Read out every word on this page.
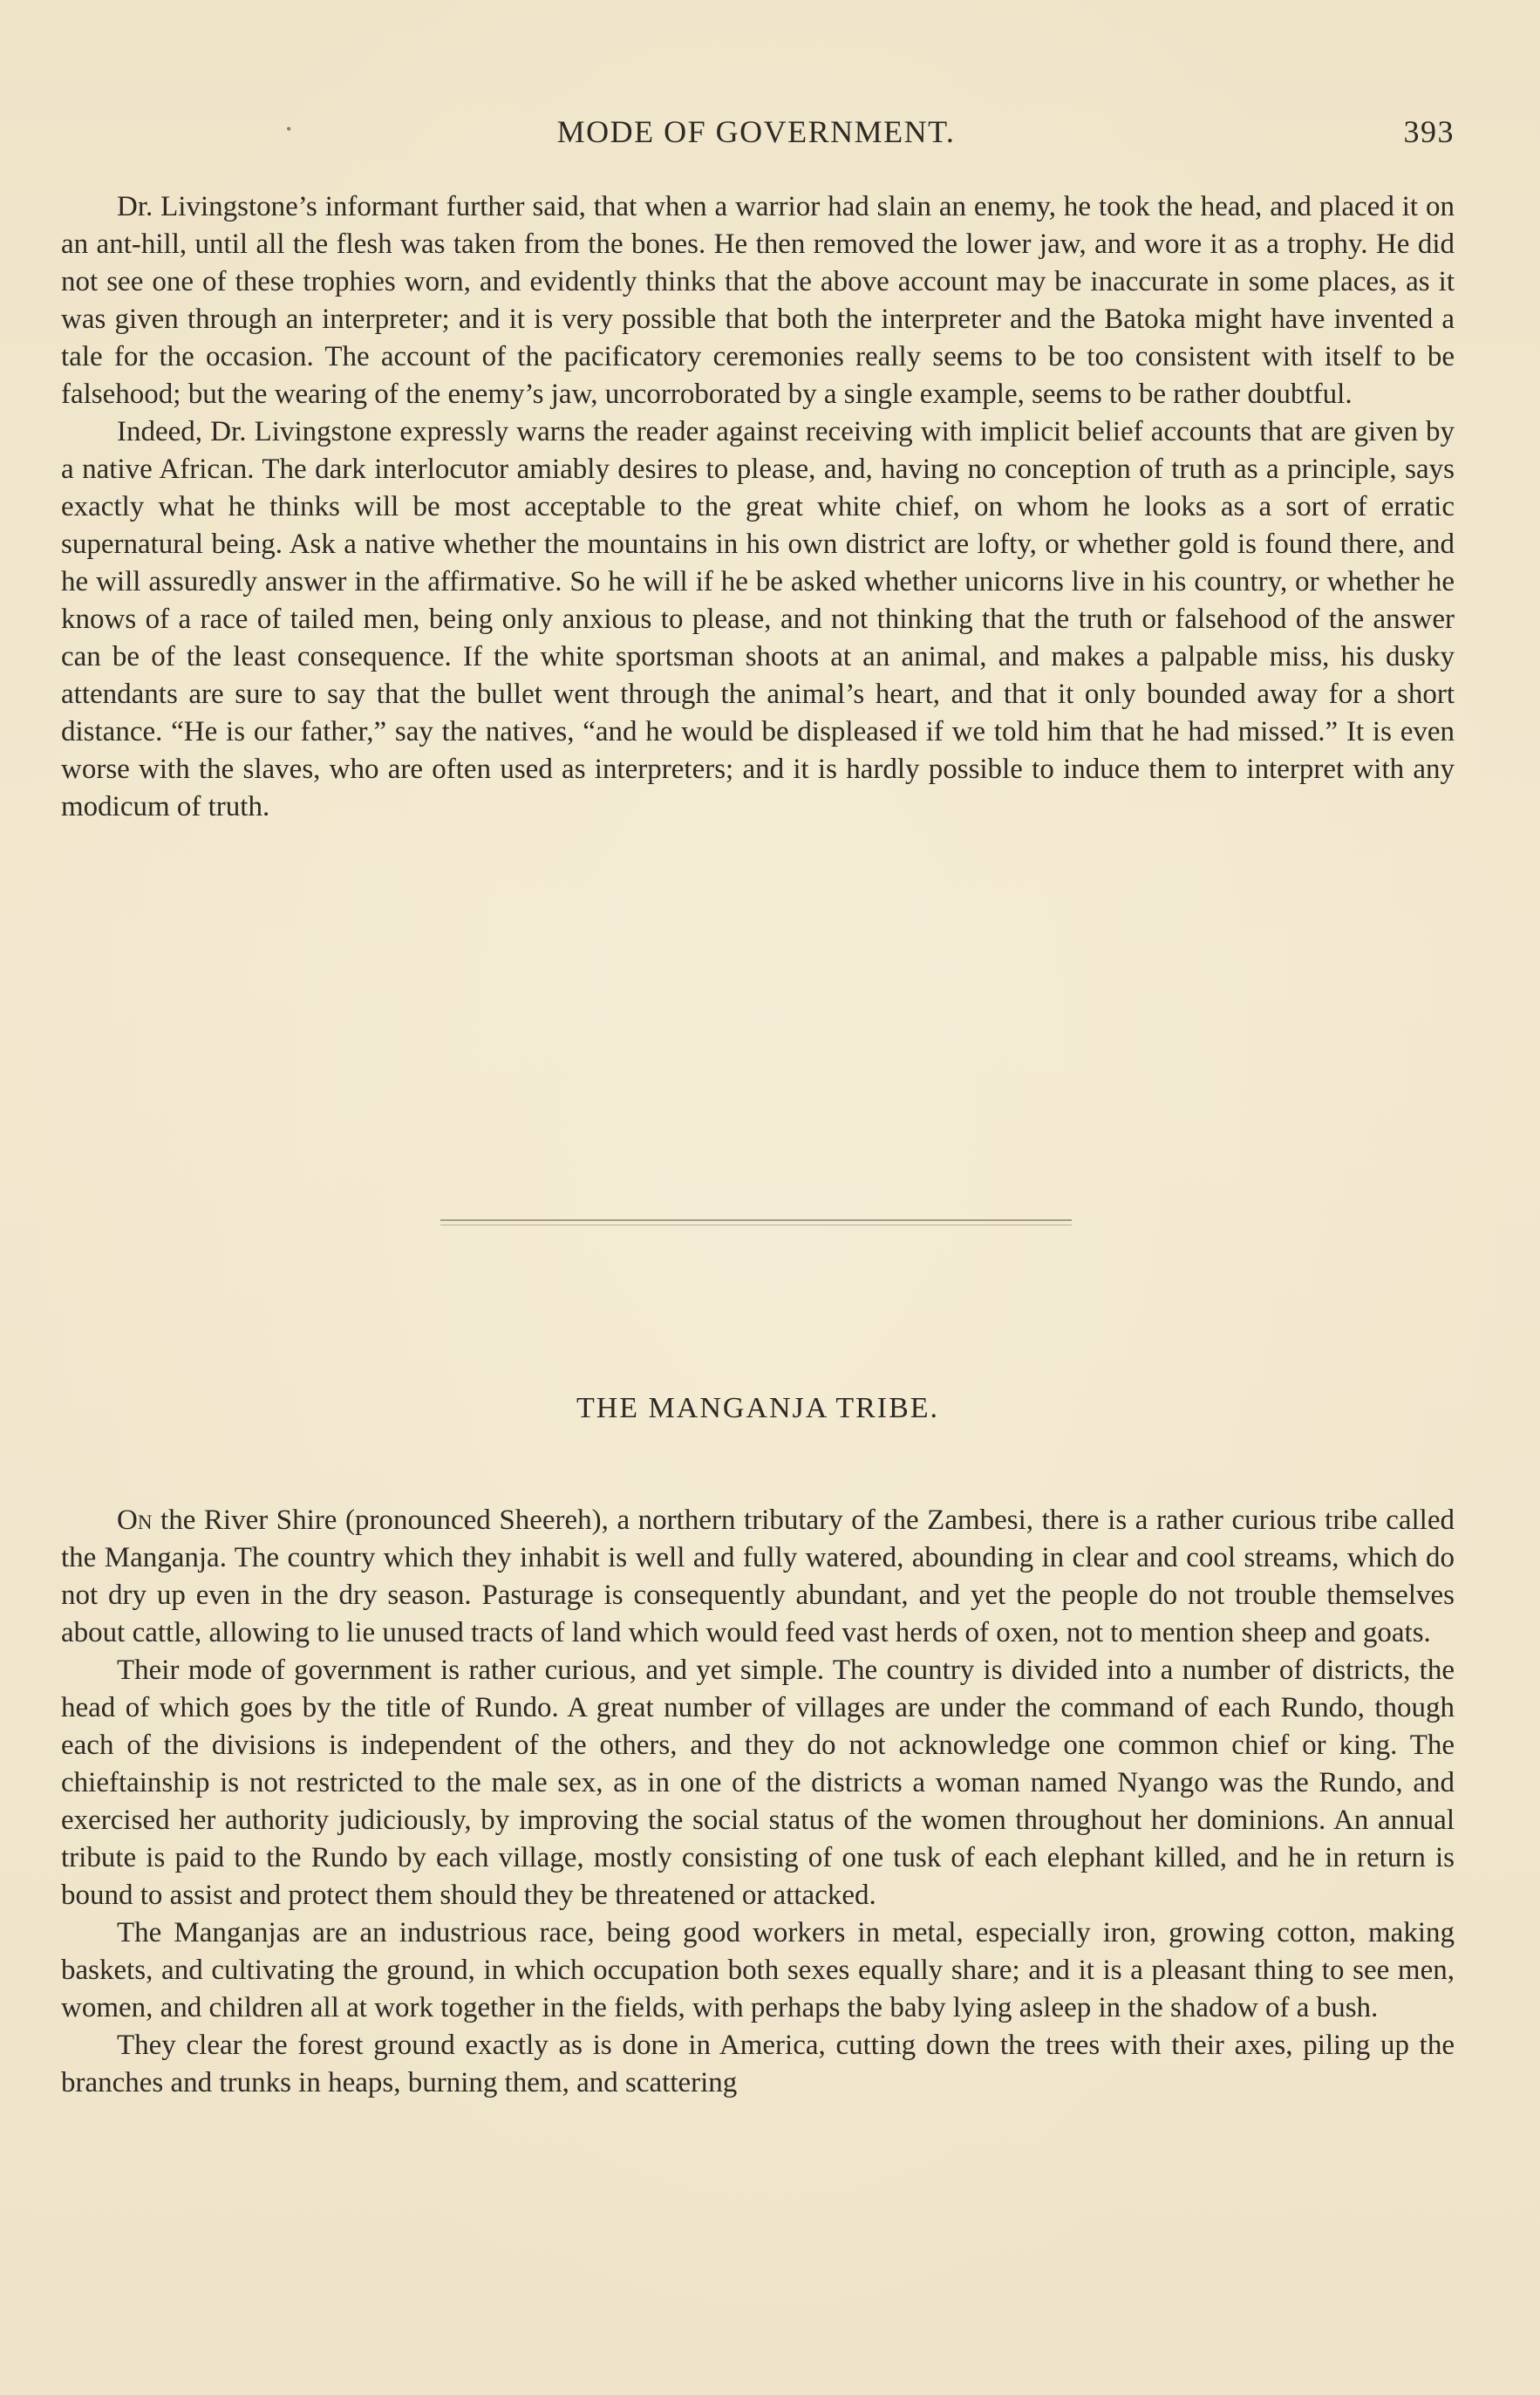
•	MODE OF GOVERNMENT.	393

Dr. Livingstone’s informant further said, that when a warrior had slain an enemy, he took the head, and placed it on an ant-hill, until all the flesh was taken from the bones. He then removed the lower jaw, and wore it as a trophy. He did not see one of these trophies worn, and evidently thinks that the above account may be inaccurate in some places, as it was given through an interpreter; and it is very possible that both the interpreter and the Batoka might have invented a tale for the occasion. The account of the pacificatory ceremonies really seems to be too consistent with itself to be falsehood; but the wearing of the enemy’s jaw, uncorroborated by a single example, seems to be rather doubtful.

Indeed, Dr. Livingstone expressly warns the reader against receiving with implicit belief accounts that are given by a native African. The dark interlocutor amiably desires to please, and, having no conception of truth as a principle, says exactly what he thinks will be most acceptable to the great white chief, on whom he looks as a sort of erratic supernatural being. Ask a native whether the mountains in his own district are lofty, or whether gold is found there, and he will assuredly answer in the affirmative. So he will if he be asked whether unicorns live in his country, or whether he knows of a race of tailed men, being only anxious to please, and not thinking that the truth or falsehood of the answer can be of the least consequence. If the white sportsman shoots at an animal, and makes a palpable miss, his dusky attendants are sure to say that the bullet went through the animal’s heart, and that it only bounded away for a short distance. “He is our father,” say the natives, “and he would be displeased if we told him that he had missed.” It is even worse with the slaves, who are often used as interpreters; and it is hardly possible to induce them to interpret with any modicum of truth.

THE MANGANJA TRIBE.

On the River Shire (pronounced Sheereh), a northern tributary of the Zambesi, there is a rather curious tribe called the Manganja. The country which they inhabit is well and fully watered, abounding in clear and cool streams, which do not dry up even in the dry season. Pasturage is consequently abundant, and yet the people do not trouble themselves about cattle, allowing to lie unused tracts of land which would feed vast herds of oxen, not to mention sheep and goats.

Their mode of government is rather curious, and yet simple. The country is divided into a number of districts, the head of which goes by the title of Rundo. A great number of villages are under the command of each Rundo, though each of the divisions is independent of the others, and they do not acknowledge one common chief or king. The chieftainship is not restricted to the male sex, as in one of the districts a woman named Nyango was the Rundo, and exercised her authority judiciously, by improving the social status of the women throughout her dominions. An annual tribute is paid to the Rundo by each village, mostly consisting of one tusk of each elephant killed, and he in return is bound to assist and protect them should they be threatened or attacked.

The Manganjas are an industrious race, being good workers in metal, especially iron, growing cotton, making baskets, and cultivating the ground, in which occupation both sexes equally share; and it is a pleasant thing to see men, women, and children all at work together in the fields, with perhaps the baby lying asleep in the shadow of a bush.

They clear the forest ground exactly as is done in America, cutting down the trees with their axes, piling up the branches and trunks in heaps, burning them, and scattering
